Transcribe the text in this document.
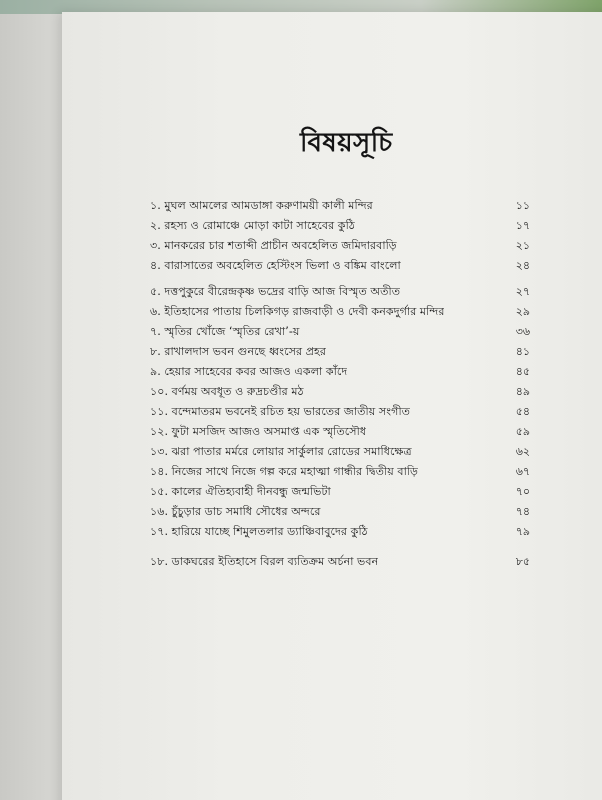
বিষয়সূচি
১. মুঘল আমলের আমডাঙ্গা করুণাময়ী কালী মন্দির	১১
২. রহস্য ও রোমাঞ্চে মোড়া কাটা সাহেবের কুঠি	১৭
৩. মানকরের চার শতাব্দী প্রাচীন অবহেলিত জমিদারবাড়ি	২১
৪. বারাসাতের অবহেলিত হেস্টিংস ভিলা ও বঙ্কিম বাংলো	২৪
৫. দত্তপুকুরে বীরেন্দ্রকৃষ্ণ ভদ্রের বাড়ি আজ বিস্মৃত অতীত	২৭
৬. ইতিহাসের পাতায় চিলকিগড় রাজবাড়ী ও দেবী কনকদুর্গার মন্দির	২৯
৭. স্মৃতির খোঁজে ‘স্মৃতির রেখা’-য়	৩৬
৮. রাখালদাস ভবন গুনছে ধ্বংসের প্রহর	৪১
৯. হেয়ার সাহেবের কবর আজও একলা কাঁদে	৪৫
১০. বর্ণময় অবধূত ও রুদ্রচণ্ডীর মঠ	৪৯
১১. বন্দেমাতরম ভবনেই রচিত হয় ভারতের জাতীয় সংগীত	৫৪
১২. ফুটা মসজিদ আজও অসমাপ্ত এক স্মৃতিসৌধ	৫৯
১৩. ঝরা পাতার মর্মরে লোয়ার সার্কুলার রোডের সমাধিক্ষেত্র	৬২
১৪. নিজের সাথে নিজে গল্প করে মহাত্মা গান্ধীর দ্বিতীয় বাড়ি	৬৭
১৫. কালের ঐতিহ্যবাহী দীনবন্ধু জন্মভিটা	৭০
১৬. চুঁচুড়ার ডাচ সমাধি সৌধের অন্দরে	৭৪
১৭. হারিয়ে যাচ্ছে শিমুলতলার ড্যাঞ্চিবাবুদের কুঠি	৭৯
১৮. ডাকঘরের ইতিহাসে বিরল ব্যতিক্রম অর্চনা ভবন	৮৫
